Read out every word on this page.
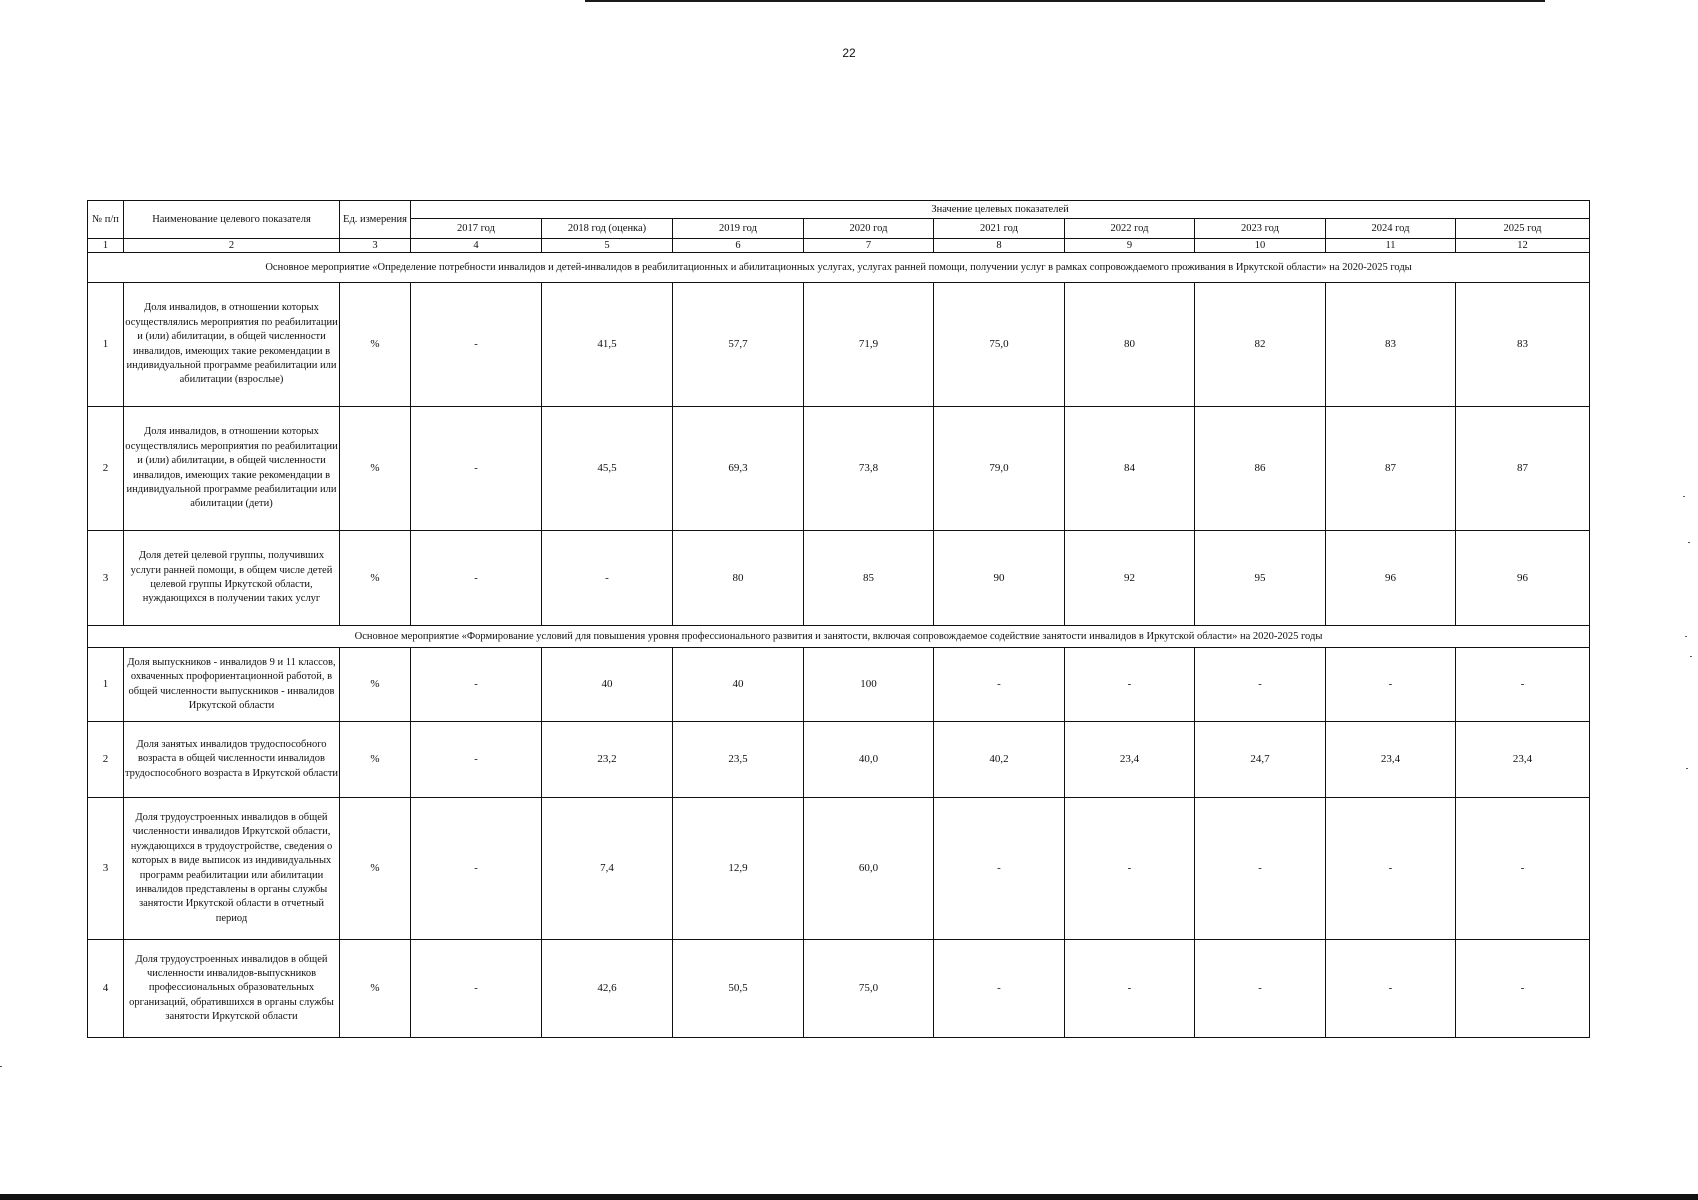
22
№ п/п	Наименование целевого показателя	Ед. измерения	Значение целевых показателей								
			2017 год	2018 год (оценка)	2019 год	2020 год	2021 год	2022 год	2023 год	2024 год	2025 год
1	2	3	4	5	6	7	8	9	10	11	12
Основное мероприятие «Определение потребности инвалидов и детей-инвалидов в реабилитационных и абилитационных услугах, услугах ранней помощи, получении услуг в рамках сопровождаемого проживания в Иркутской области» на 2020-2025 годы											
1	Доля инвалидов, в отношении которых осуществлялись мероприятия по реабилитации и (или) абилитации, в общей численности инвалидов, имеющих такие рекомендации в индивидуальной программе реабилитации или абилитации (взрослые)	%	-	41,5	57,7	71,9	75,0	80	82	83	83
2	Доля инвалидов, в отношении которых осуществлялись мероприятия по реабилитации и (или) абилитации, в общей численности инвалидов, имеющих такие рекомендации в индивидуальной программе реабилитации или абилитации (дети)	%	-	45,5	69,3	73,8	79,0	84	86	87	87
3	Доля детей целевой группы, получивших услуги ранней помощи, в общем числе детей целевой группы Иркутской области, нуждающихся в получении таких услуг	%	-	-	80	85	90	92	95	96	96
Основное мероприятие «Формирование условий для повышения уровня профессионального развития и занятости, включая сопровождаемое содействие занятости инвалидов в Иркутской области» на 2020-2025 годы											
1	Доля выпускников - инвалидов 9 и 11 классов, охваченных профориентационной работой, в общей численности выпускников - инвалидов Иркутской области	%	-	40	40	100	-	-	-	-	-
2	Доля занятых инвалидов трудоспособного возраста в общей численности инвалидов трудоспособного возраста в Иркутской области	%	-	23,2	23,5	40,0	40,2	23,4	24,7	23,4	23,4
3	Доля трудоустроенных инвалидов в общей численности инвалидов Иркутской области, нуждающихся в трудоустройстве, сведения о которых в виде выписок из индивидуальных программ реабилитации или абилитации инвалидов представлены в органы службы занятости Иркутской области в отчетный период	%	-	7,4	12,9	60,0	-	-	-	-	-
4	Доля трудоустроенных инвалидов в общей численности инвалидов-выпускников профессиональных образовательных организаций, обратившихся в органы службы занятости Иркутской области	%	-	42,6	50,5	75,0	-	-	-	-	-
